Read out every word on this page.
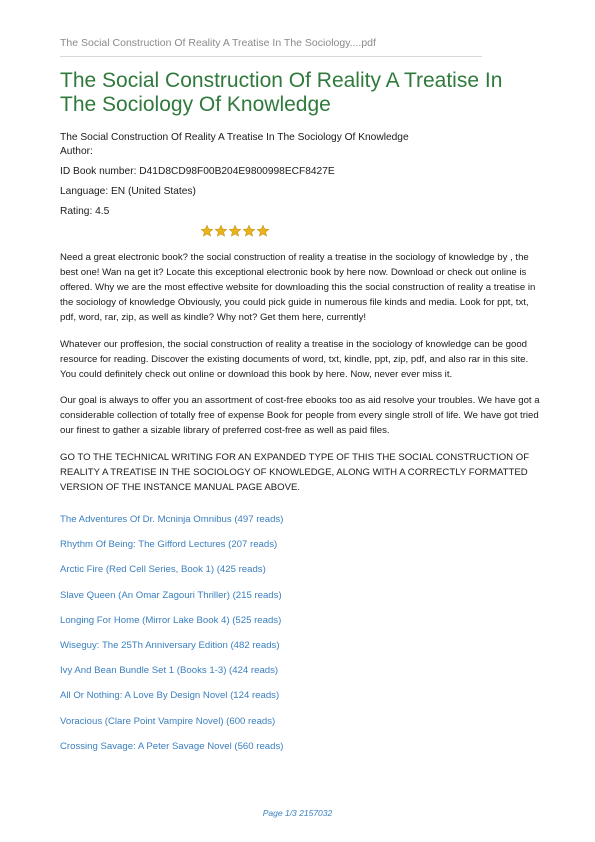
The Social Construction Of Reality A Treatise In The Sociology....pdf
The Social Construction Of Reality A Treatise In The Sociology Of Knowledge
The Social Construction Of Reality A Treatise In The Sociology Of Knowledge
Author:
ID Book number: D41D8CD98F00B204E9800998ECF8427E
Language: EN (United States)
Rating: 4.5

Need a great electronic book? the social construction of reality a treatise in the sociology of knowledge by , the best one! Wan na get it? Locate this exceptional electronic book by here now. Download or check out online is offered. Why we are the most effective website for downloading this the social construction of reality a treatise in the sociology of knowledge Obviously, you could pick guide in numerous file kinds and media. Look for ppt, txt, pdf, word, rar, zip, as well as kindle? Why not? Get them here, currently!

Whatever our proffesion, the social construction of reality a treatise in the sociology of knowledge can be good resource for reading. Discover the existing documents of word, txt, kindle, ppt, zip, pdf, and also rar in this site. You could definitely check out online or download this book by here. Now, never ever miss it.

Our goal is always to offer you an assortment of cost-free ebooks too as aid resolve your troubles. We have got a considerable collection of totally free of expense Book for people from every single stroll of life. We have got tried our finest to gather a sizable library of preferred cost-free as well as paid files.

GO TO THE TECHNICAL WRITING FOR AN EXPANDED TYPE OF THIS THE SOCIAL CONSTRUCTION OF REALITY A TREATISE IN THE SOCIOLOGY OF KNOWLEDGE, ALONG WITH A CORRECTLY FORMATTED VERSION OF THE INSTANCE MANUAL PAGE ABOVE.

The Adventures Of Dr. Mcninja Omnibus (497 reads)
Rhythm Of Being: The Gifford Lectures (207 reads)
Arctic Fire (Red Cell Series, Book 1) (425 reads)
Slave Queen (An Omar Zagouri Thriller) (215 reads)
Longing For Home (Mirror Lake Book 4) (525 reads)
Wiseguy: The 25Th Anniversary Edition (482 reads)
Ivy And Bean Bundle Set 1 (Books 1-3) (424 reads)
All Or Nothing: A Love By Design Novel (124 reads)
Voracious (Clare Point Vampire Novel) (600 reads)
Crossing Savage: A Peter Savage Novel (560 reads)
Page 1/3 2157032
